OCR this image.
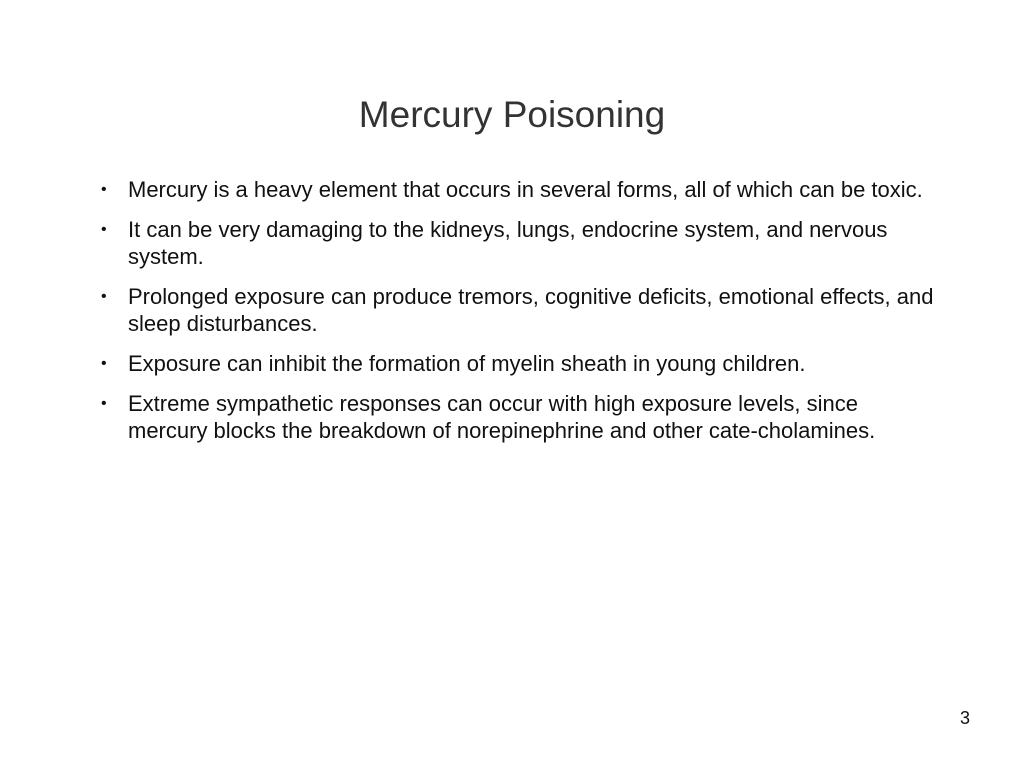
Mercury Poisoning
• Mercury is a heavy element that occurs in several forms, all of which can be toxic.
• It can be very damaging to the kidneys, lungs, endocrine system, and nervous system.
• Prolonged exposure can produce tremors, cognitive deficits, emotional effects, and sleep disturbances.
• Exposure can inhibit the formation of myelin sheath in young children.
• Extreme sympathetic responses can occur with high exposure levels, since mercury blocks the breakdown of norepinephrine and other cate-cholamines.
3
